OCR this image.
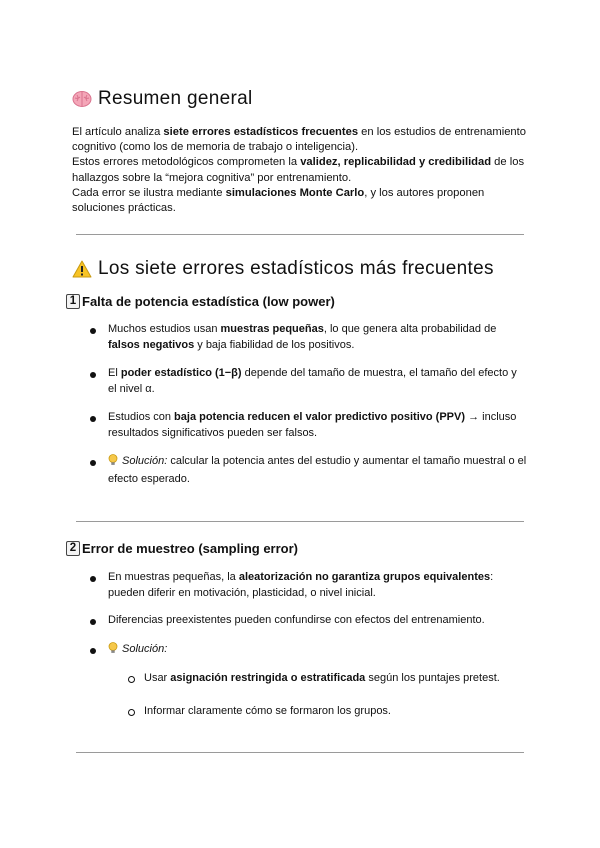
Resumen general
El artículo analiza siete errores estadísticos frecuentes en los estudios de entrenamiento cognitivo (como los de memoria de trabajo o inteligencia).
Estos errores metodológicos comprometen la validez, replicabilidad y credibilidad de los hallazgos sobre la “mejora cognitiva” por entrenamiento.
Cada error se ilustra mediante simulaciones Monte Carlo, y los autores proponen soluciones prácticas.
Los siete errores estadísticos más frecuentes
1 Falta de potencia estadística (low power)
Muchos estudios usan muestras pequeñas, lo que genera alta probabilidad de falsos negativos y baja fiabilidad de los positivos.
El poder estadístico (1−β) depende del tamaño de muestra, el tamaño del efecto y el nivel α.
Estudios con baja potencia reducen el valor predictivo positivo (PPV) → incluso resultados significativos pueden ser falsos.
Solución: calcular la potencia antes del estudio y aumentar el tamaño muestral o el efecto esperado.
2 Error de muestreo (sampling error)
En muestras pequeñas, la aleatorización no garantiza grupos equivalentes: pueden diferir en motivación, plasticidad, o nivel inicial.
Diferencias preexistentes pueden confundirse con efectos del entrenamiento.
Solución:
Usar asignación restringida o estratificada según los puntajes pretest.
Informar claramente cómo se formaron los grupos.
